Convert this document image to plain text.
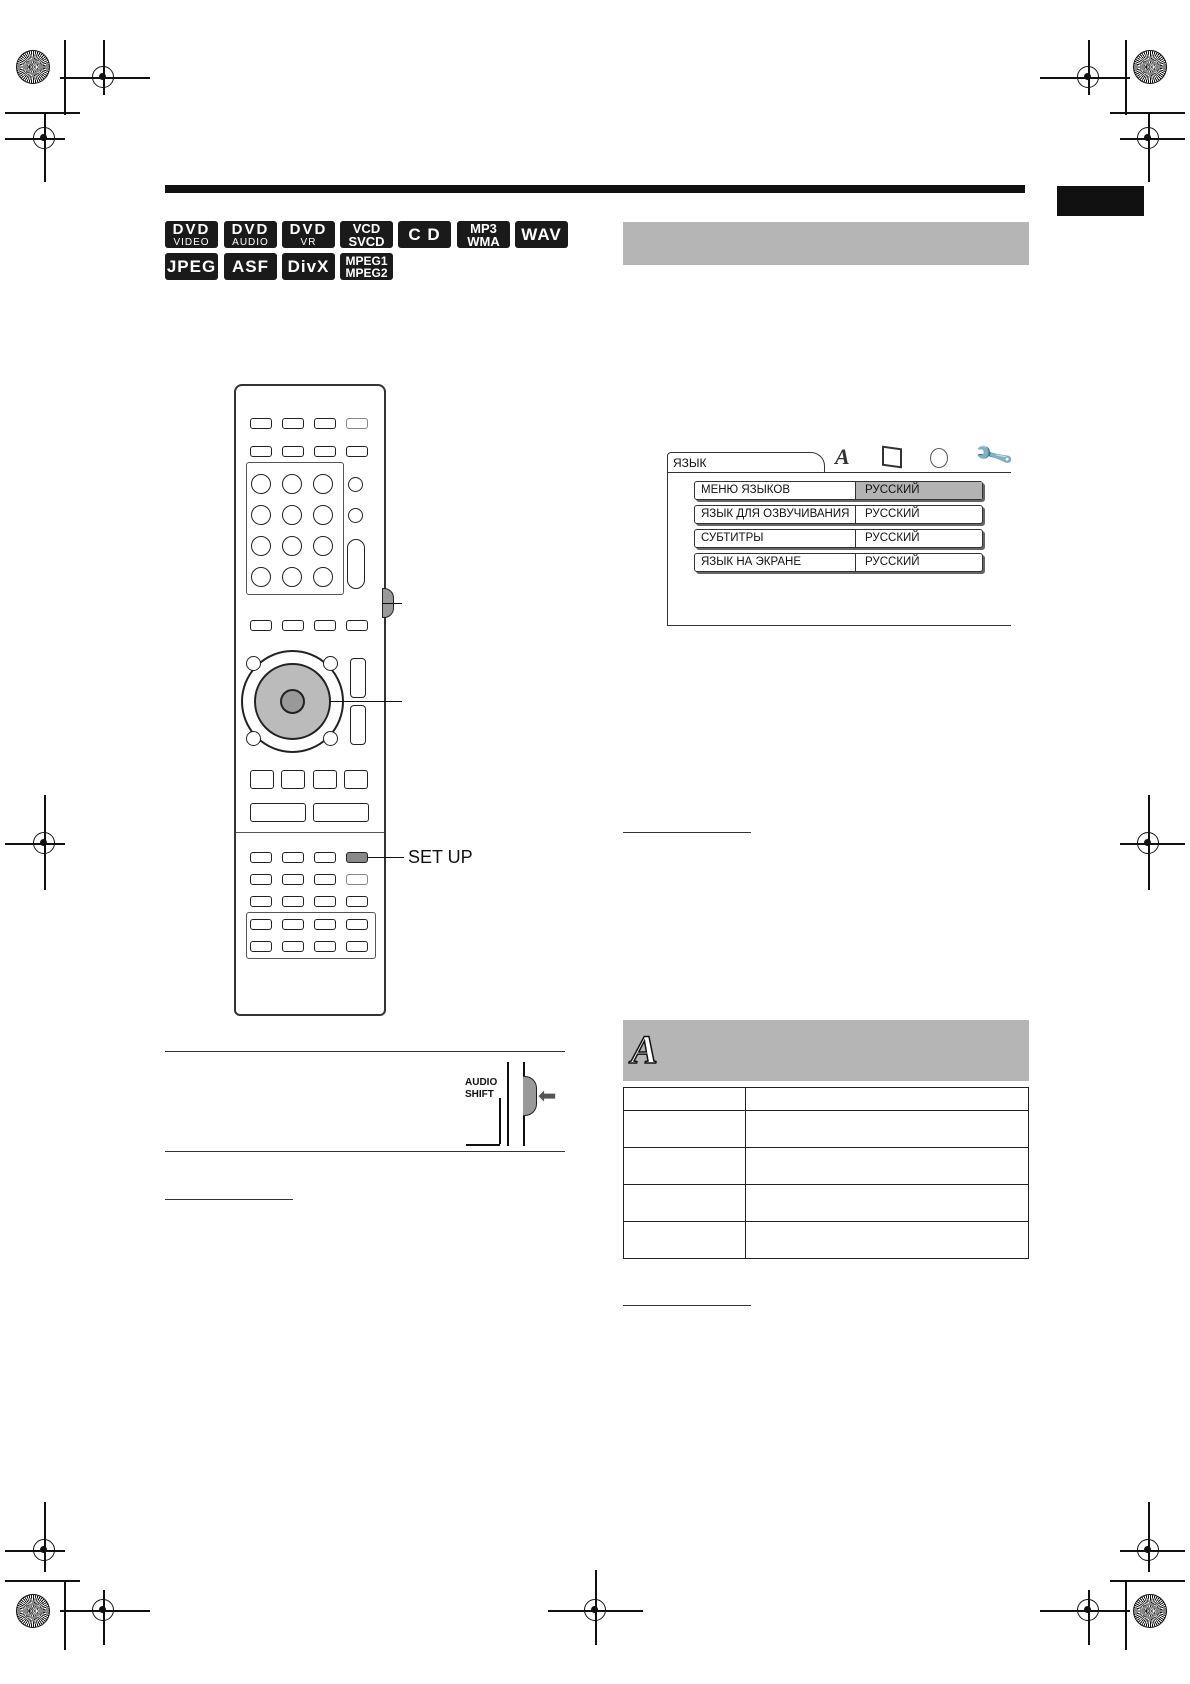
DVD
VIDEO
DVD
AUDIO
DVD
VR
VCD
SVCD C D MP3
WMA WAV
JPEG ASF DivX MPEG1
MPEG2
ЯЗЫК	A	🔧
МЕНЮ ЯЗЫКОВ	РУССКИЙ
ЯЗЫК ДЛЯ ОЗВУЧИВАНИЯ	РУССКИЙ
СУБТИТРЫ	РУССКИЙ
ЯЗЫК НА ЭКРАНЕ	РУССКИЙ
SET UP
AUDIO
SHIFT ⬅
A
